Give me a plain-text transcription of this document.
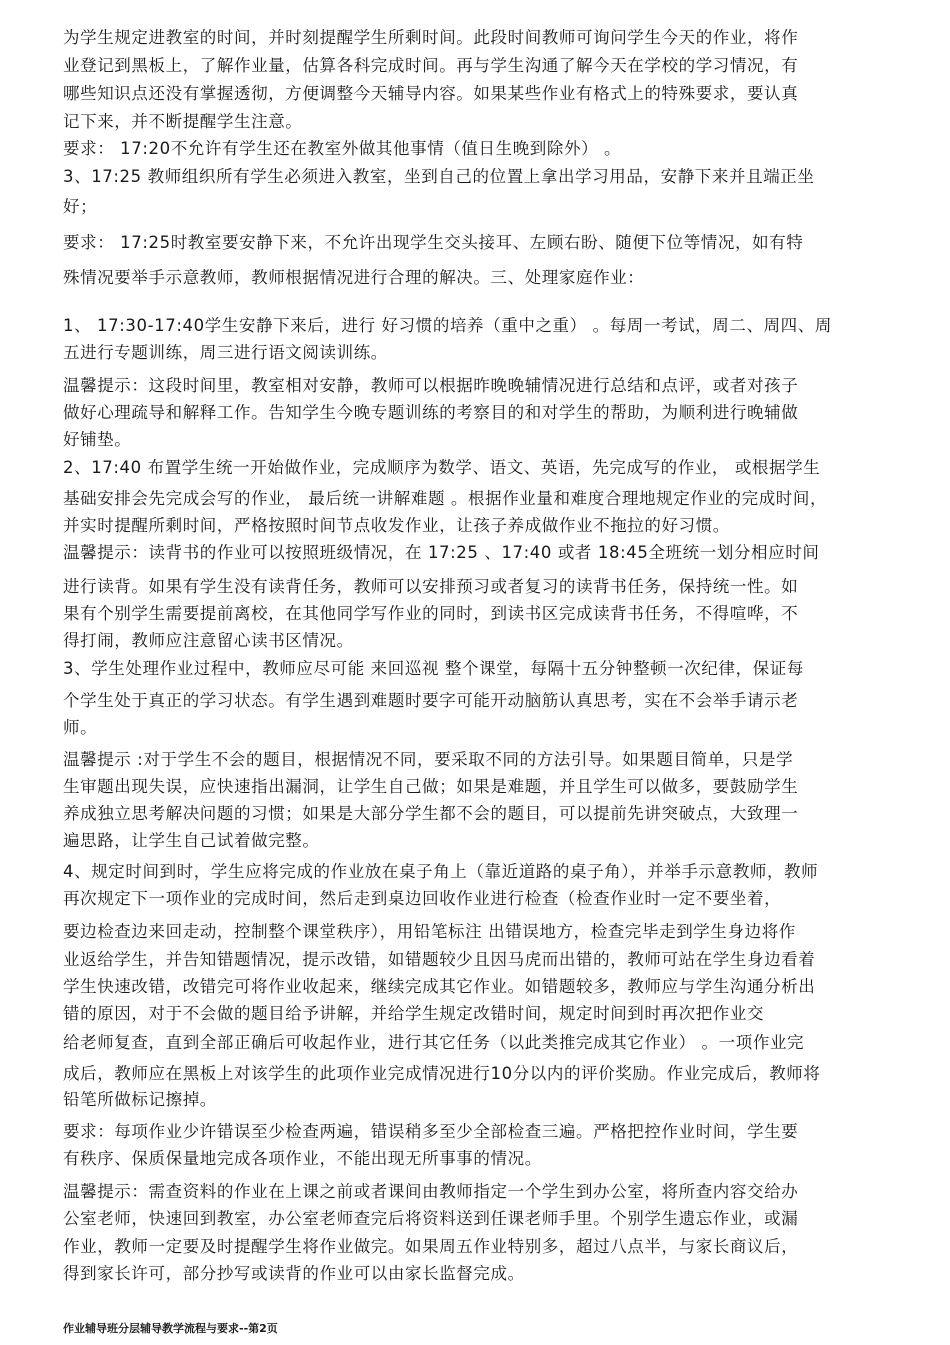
为学生规定进教室的时间，并时刻提醒学生所剩时间。此段时间教师可询问学生今天的作业，将作
业登记到黑板上，了解作业量，估算各科完成时间。再与学生沟通了解今天在学校的学习情况，有
哪些知识点还没有掌握透彻，方便调整今天辅导内容。如果某些作业有格式上的特殊要求，要认真
记下来，并不断提醒学生注意。
要求： 17:20不允许有学生还在教室外做其他事情（值日生晚到除外） 。
3、17:25 教师组织所有学生必须进入教室，坐到自己的位置上拿出学习用品，安静下来并且端正坐
好；
要求： 17:25时教室要安静下来，不允许出现学生交头接耳、左顾右盼、随便下位等情况，如有特
殊情况要举手示意教师，教师根据情况进行合理的解决。三、处理家庭作业：
1、 17:30-17:40学生安静下来后，进行 好习惯的培养（重中之重） 。每周一考试，周二、周四、周
五进行专题训练，周三进行语文阅读训练。
温馨提示：这段时间里，教室相对安静，教师可以根据昨晚晚辅情况进行总结和点评，或者对孩子
做好心理疏导和解释工作。告知学生今晚专题训练的考察目的和对学生的帮助，为顺利进行晚辅做
好铺垫。
2、17:40 布置学生统一开始做作业，完成顺序为数学、语文、英语，先完成写的作业， 或根据学生
基础安排会先完成会写的作业， 最后统一讲解难题 。根据作业量和难度合理地规定作业的完成时间，
并实时提醒所剩时间，严格按照时间节点收发作业，让孩子养成做作业不拖拉的好习惯。
温馨提示：读背书的作业可以按照班级情况，在 17:25 、17:40 或者 18:45全班统一划分相应时间
进行读背。如果有学生没有读背任务，教师可以安排预习或者复习的读背书任务，保持统一性。如
果有个别学生需要提前离校，在其他同学写作业的同时，到读书区完成读背书任务，不得喧哗，不
得打闹，教师应注意留心读书区情况。
3、学生处理作业过程中，教师应尽可能 来回巡视 整个课堂，每隔十五分钟整顿一次纪律，保证每
个学生处于真正的学习状态。有学生遇到难题时要字可能开动脑筋认真思考，实在不会举手请示老
师。
温馨提示 :对于学生不会的题目，根据情况不同，要采取不同的方法引导。如果题目简单，只是学
生审题出现失误，应快速指出漏洞，让学生自己做；如果是难题，并且学生可以做多，要鼓励学生
养成独立思考解决问题的习惯；如果是大部分学生都不会的题目，可以提前先讲突破点，大致理一
遍思路，让学生自己试着做完整。
4、规定时间到时，学生应将完成的作业放在桌子角上（靠近道路的桌子角），并举手示意教师，教师
再次规定下一项作业的完成时间，然后走到桌边回收作业进行检查（检查作业时一定不要坐着，
要边检查边来回走动，控制整个课堂秩序），用铅笔标注 出错误地方，检查完毕走到学生身边将作
业返给学生，并告知错题情况，提示改错，如错题较少且因马虎而出错的，教师可站在学生身边看着
学生快速改错，改错完可将作业收起来，继续完成其它作业。如错题较多，教师应与学生沟通分析出
错的原因，对于不会做的题目给予讲解，并给学生规定改错时间，规定时间到时再次把作业交
给老师复查，直到全部正确后可收起作业，进行其它任务（以此类推完成其它作业） 。一项作业完
成后，教师应在黑板上对该学生的此项作业完成情况进行10分以内的评价奖励。作业完成后，教师将
铅笔所做标记擦掉。
要求：每项作业少许错误至少检查两遍，错误稍多至少全部检查三遍。严格把控作业时间，学生要
有秩序、保质保量地完成各项作业，不能出现无所事事的情况。
温馨提示：需查资料的作业在上课之前或者课间由教师指定一个学生到办公室，将所查内容交给办
公室老师，快速回到教室，办公室老师查完后将资料送到任课老师手里。个别学生遗忘作业，或漏
作业，教师一定要及时提醒学生将作业做完。如果周五作业特别多，超过八点半，与家长商议后，
得到家长许可，部分抄写或读背的作业可以由家长监督完成。
作业辅导班分层辅导教学流程与要求--第2页
